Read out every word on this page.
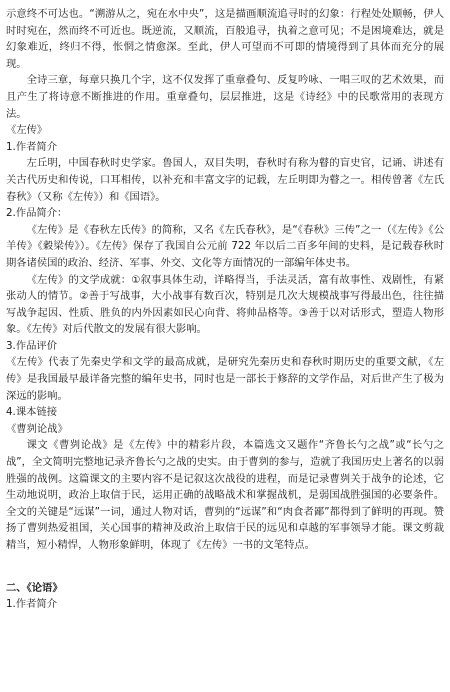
示意终不可达也。“溯游从之，宛在水中央”，这是描画顺流追寻时的幻象：行程处处顺畅，伊人时时宛在，然而终不可近也。既逆流，又顺流，百般追寻，执着之意可见；不是困境难达，就是幻象难近，终归不得，怅惘之情愈深。至此，伊人可望而不可即的情境得到了具体而充分的展现。

全诗三章，每章只换几个字，这不仅发挥了重章叠句、反复吟咏、一唱三叹的艺术效果，而且产生了将诗意不断推进的作用。重章叠句，层层推进，这是《诗经》中的民歌常用的表现方法。

《左传》

1.作者简介

左丘明，中国春秋时史学家。鲁国人，双目失明，春秋时有称为瞽的盲史官，记诵、讲述有关古代历史和传说，口耳相传，以补充和丰富文字的记载，左丘明即为瞽之一。相传曾著《左氏春秋》（又称《左传》）和《国语》。

2.作品简介：

《左传》是《春秋左氏传》的简称，又名《左氏春秋》，是“《春秋》三传”之一（《左传》《公羊传》《穀梁传》）。《左传》保存了我国自公元前 722 年以后二百多年间的史料，是记载春秋时期各诸侯国的政治、经济、军事、外交、文化等方面情况的一部编年体史书。

《左传》的文学成就：①叙事具体生动，详略得当，手法灵活，富有故事性、戏剧性，有紧张动人的情节。②善于写战事，大小战事有数百次，特别是几次大规模战事写得最出色，往往描写战争起因、性质、胜负的内外因素如民心向背、将帅品格等。③善于以对话形式，塑造人物形象。《左传》对后代散文的发展有很大影响。

3.作品评价

《左传》代表了先秦史学和文学的最高成就，是研究先秦历史和春秋时期历史的重要文献，《左传》是我国最早最详备完整的编年史书，同时也是一部长于修辞的文学作品，对后世产生了极为深远的影响。

4.课本链接

《曹刿论战》

课文《曹刿论战》是《左传》中的精彩片段，本篇选文又题作“齐鲁长勺之战”或“长勺之战”，全文简明完整地记录齐鲁长勺之战的史实。由于曹刿的参与，造就了我国历史上著名的以弱胜强的战例。这篇课文的主要内容不是记叙这次战役的进程，而是记录曹刿关于战争的论述，它生动地说明，政治上取信于民，运用正确的战略战术和掌握战机，是弱国战胜强国的必要条件。全文的关键是“远谋”一词，通过人物对话，曹刿的“远谋”和“肉食者鄙”都得到了鲜明的再现。赞扬了曹刿热爱祖国，关心国事的精神及政治上取信于民的远见和卓越的军事领导才能。课文剪裁精当，短小精悍，人物形象鲜明，体现了《左传》一书的文笔特点。

二、《论语》

1.作者简介
